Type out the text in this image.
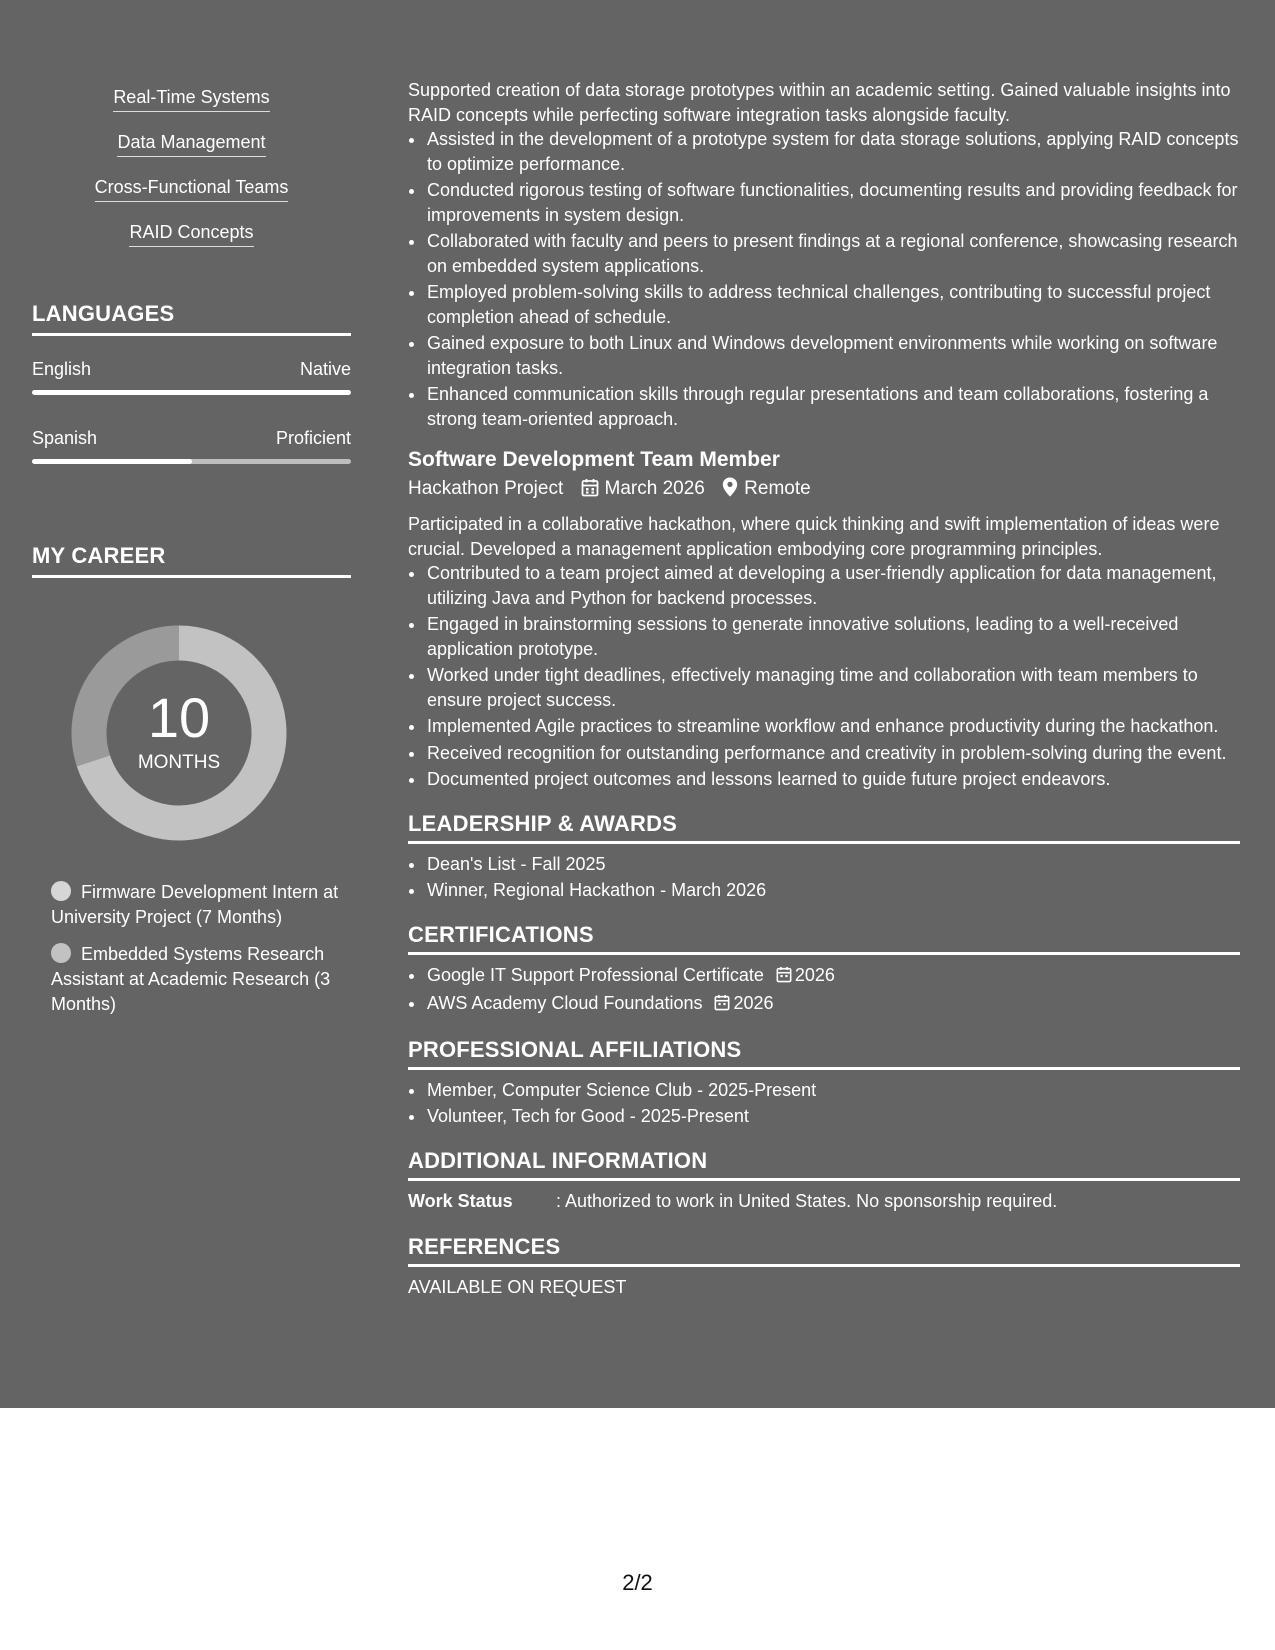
Real-Time Systems
Data Management
Cross-Functional Teams
RAID Concepts
LANGUAGES
English	Native
Spanish	Proficient
MY CAREER
10
MONTHS
Firmware Development Intern at University Project (7 Months)
Embedded Systems Research Assistant at Academic Research (3 Months)

Supported creation of data storage prototypes within an academic setting. Gained valuable insights into RAID concepts while perfecting software integration tasks alongside faculty.

• Assisted in the development of a prototype system for data storage solutions, applying RAID concepts to optimize performance.
• Conducted rigorous testing of software functionalities, documenting results and providing feedback for improvements in system design.
• Collaborated with faculty and peers to present findings at a regional conference, showcasing research on embedded system applications.
• Employed problem-solving skills to address technical challenges, contributing to successful project completion ahead of schedule.
• Gained exposure to both Linux and Windows development environments while working on software integration tasks.
• Enhanced communication skills through regular presentations and team collaborations, fostering a strong team-oriented approach.
Software Development Team Member
Hackathon Project March 2026 Remote

Participated in a collaborative hackathon, where quick thinking and swift implementation of ideas were crucial. Developed a management application embodying core programming principles.

• Contributed to a team project aimed at developing a user-friendly application for data management, utilizing Java and Python for backend processes.
• Engaged in brainstorming sessions to generate innovative solutions, leading to a well-received application prototype.
• Worked under tight deadlines, effectively managing time and collaboration with team members to ensure project success.
• Implemented Agile practices to streamline workflow and enhance productivity during the hackathon.
• Received recognition for outstanding performance and creativity in problem-solving during the event.
• Documented project outcomes and lessons learned to guide future project endeavors.
LEADERSHIP & AWARDS
• Dean's List - Fall 2025
• Winner, Regional Hackathon - March 2026
CERTIFICATIONS
• Google IT Support Professional Certificate 2026
• AWS Academy Cloud Foundations 2026
PROFESSIONAL AFFILIATIONS
• Member, Computer Science Club - 2025-Present
• Volunteer, Tech for Good - 2025-Present
ADDITIONAL INFORMATION
Work Status : Authorized to work in United States. No sponsorship required.
REFERENCES
AVAILABLE ON REQUEST
2/2
